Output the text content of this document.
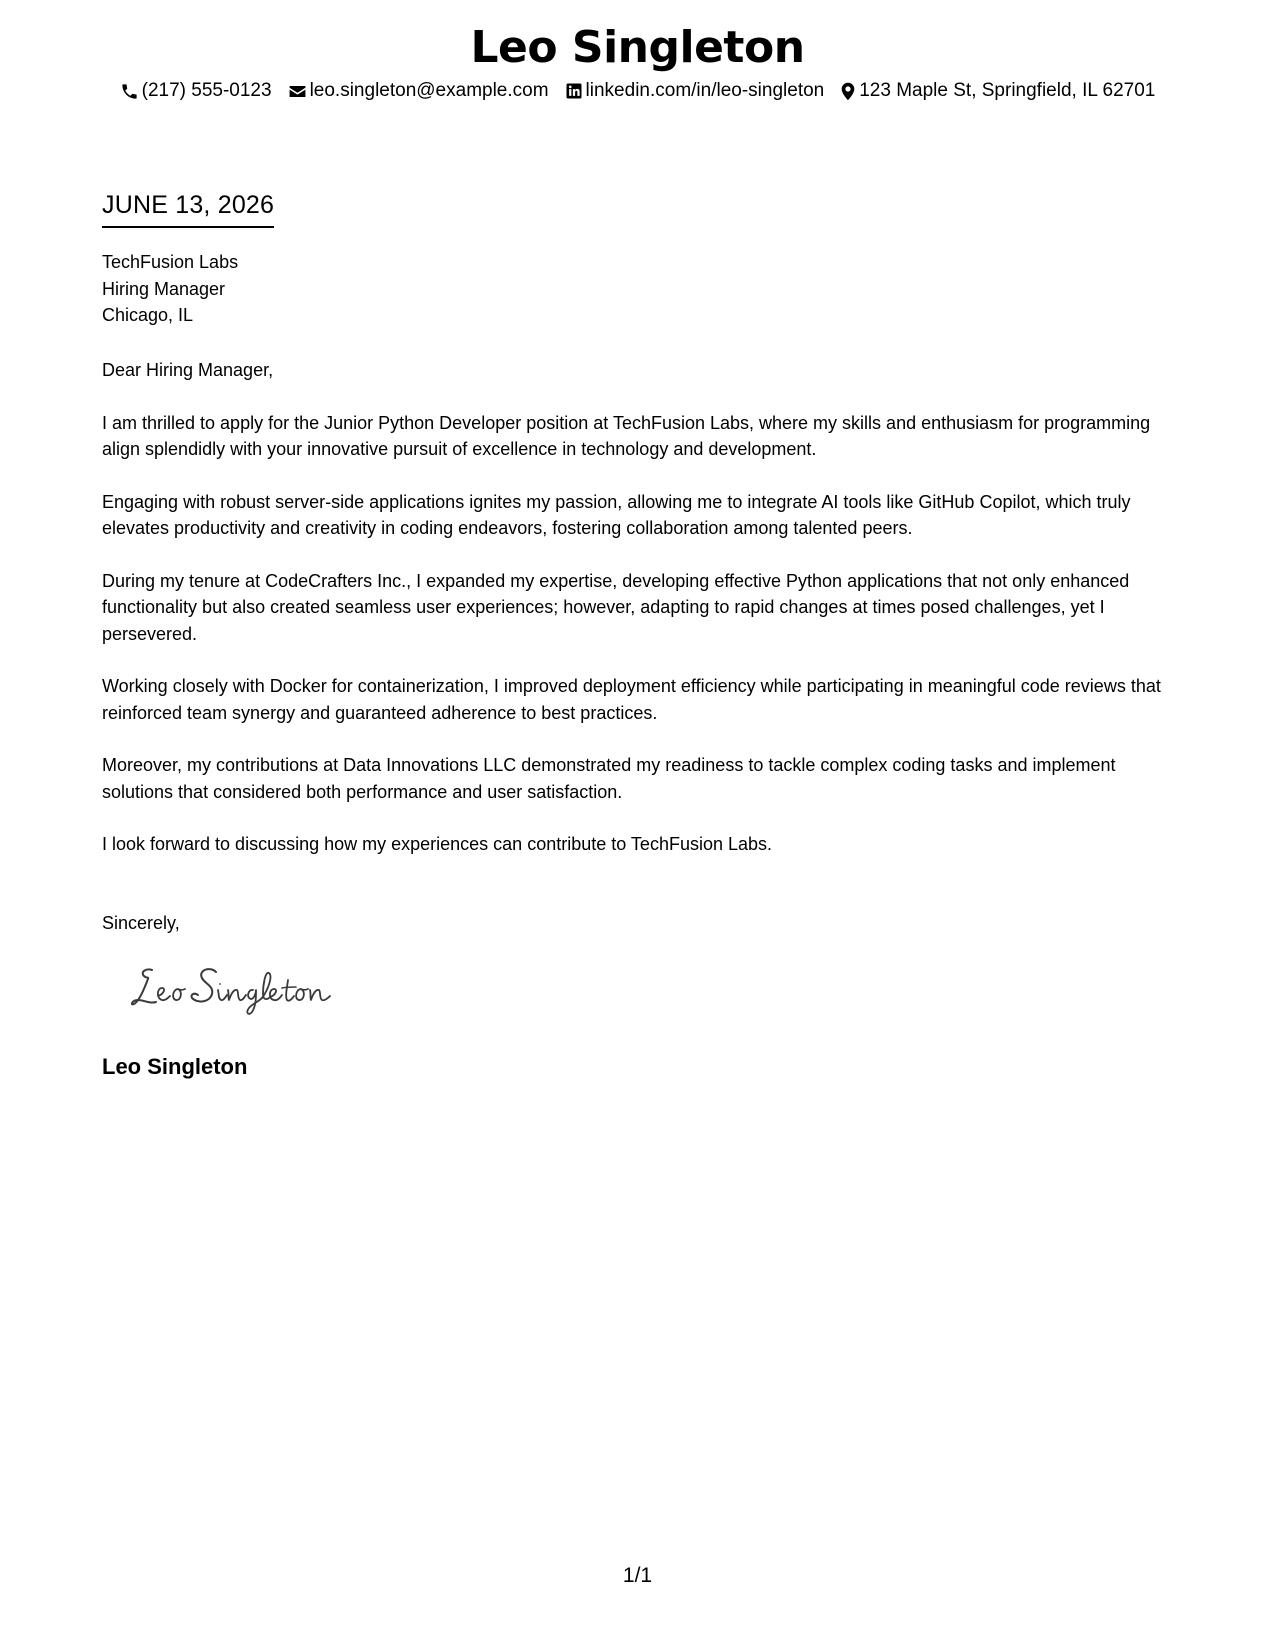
Leo Singleton
(217) 555-0123 leo.singleton@example.com linkedin.com/in/leo-singleton 123 Maple St, Springfield, IL 62701
JUNE 13, 2026
TechFusion Labs
Hiring Manager
Chicago, IL

Dear Hiring Manager,

I am thrilled to apply for the Junior Python Developer position at TechFusion Labs, where my skills and enthusiasm for programming align splendidly with your innovative pursuit of excellence in technology and development.

Engaging with robust server-side applications ignites my passion, allowing me to integrate AI tools like GitHub Copilot, which truly elevates productivity and creativity in coding endeavors, fostering collaboration among talented peers.

During my tenure at CodeCrafters Inc., I expanded my expertise, developing effective Python applications that not only enhanced functionality but also created seamless user experiences; however, adapting to rapid changes at times posed challenges, yet I persevered.

Working closely with Docker for containerization, I improved deployment efficiency while participating in meaningful code reviews that reinforced team synergy and guaranteed adherence to best practices.

Moreover, my contributions at Data Innovations LLC demonstrated my readiness to tackle complex coding tasks and implement solutions that considered both performance and user satisfaction.

I look forward to discussing how my experiences can contribute to TechFusion Labs.

Sincerely,
Leo Singleton
1/1
